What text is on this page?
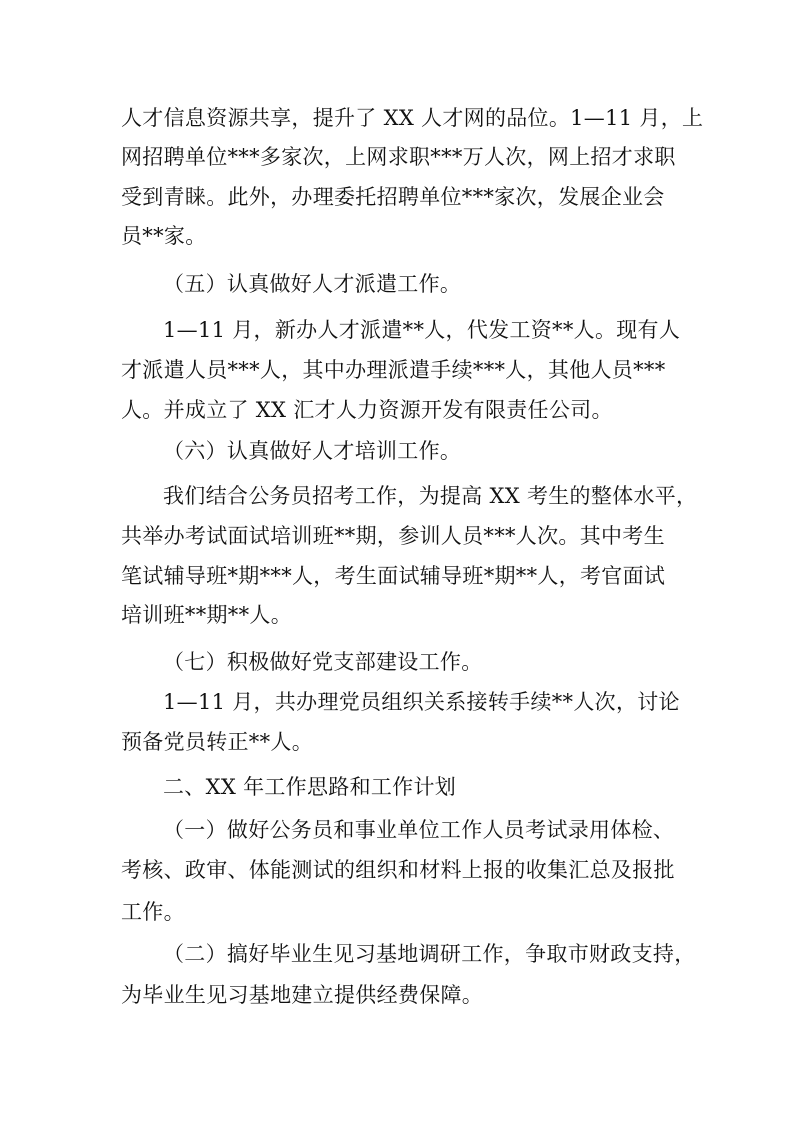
人才信息资源共享，提升了 XX 人才网的品位。1—11 月，上
网招聘单位***多家次，上网求职***万人次，网上招才求职
受到青睐。此外，办理委托招聘单位***家次，发展企业会
员**家。
（五）认真做好人才派遣工作。
1—11 月，新办人才派遣**人，代发工资**人。现有人
才派遣人员***人，其中办理派遣手续***人，其他人员***
人。并成立了 XX 汇才人力资源开发有限责任公司。
（六）认真做好人才培训工作。
我们结合公务员招考工作，为提高 XX 考生的整体水平，
共举办考试面试培训班**期，参训人员***人次。其中考生
笔试辅导班*期***人，考生面试辅导班*期**人，考官面试
培训班**期**人。
（七）积极做好党支部建设工作。
1—11 月，共办理党员组织关系接转手续**人次，讨论
预备党员转正**人。
二、XX 年工作思路和工作计划
（一）做好公务员和事业单位工作人员考试录用体检、
考核、政审、体能测试的组织和材料上报的收集汇总及报批
工作。
（二）搞好毕业生见习基地调研工作，争取市财政支持，
为毕业生见习基地建立提供经费保障。
